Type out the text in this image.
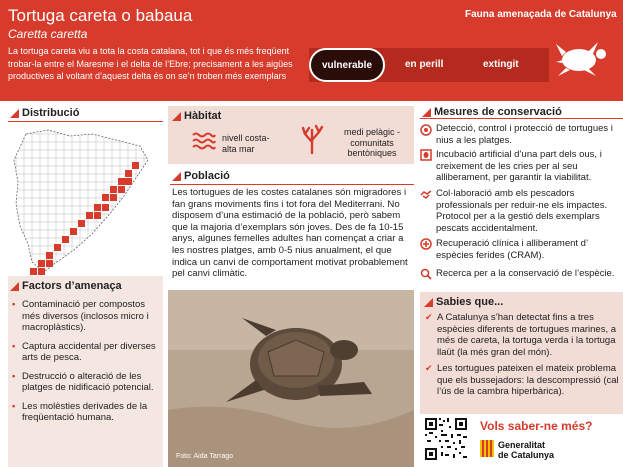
Tortuga careta o babaua
Caretta caretta
La tortuga careta viu a tota la costa catalana, tot i que és més freqüent trobar-la entre el Maresme i el delta de l’Ebre; precisament a les aigües productives al voltant d’aquest delta és on se’n troben més exemplars
Fauna amenaçada de Catalunya
vulnerable	en perill	extingit
Distribució
Factors d’amenaça
• Contaminació per compostos més diversos (inclosos micro i macroplàstics).
• Captura accidental per diverses arts de pesca.
• Destrucció o alteració de les platges de nidificació potencial.
• Les molèsties derivades de la freqüentació humana.
Hàbitat
nivell costa-alta mar
medi pelàgic - comunitats bentòniques
Població
Les tortugues de les costes catalanes són migradores i fan grans moviments fins i tot fora del Mediterrani. No disposem d’una estimació de la població, però sabem que la majoria d’exemplars són joves. Des de fa 10-15 anys, algunes femelles adultes han començat a criar a les nostres platges, amb 0-5 nius anualment, el que indica un canvi de comportament motivat probablement pel canvi climàtic.
Foto: Aida Tarrago
Mesures de conservació
Detecció, control i protecció de tortugues i nius a les platges.
Incubació artificial d’una part dels ous, i creixement de les cries per al seu alliberament, per garantir la viabilitat.
Col·laboració amb els pescadors professionals per reduir-ne els impactes. Protocol per a la gestió dels exemplars pescats accidentalment.
Recuperació clínica i alliberament d’ espècies ferides (CRAM).
Recerca per a la conservació de l’espècie.
Sabies que...
✔ A Catalunya s’han detectat fins a tres espècies diferents de tortugues marines, a més de careta, la tortuga verda i la tortuga llaüt (la més gran del món).
✔ Les tortugues pateixen el mateix problema que els bussejadors: la descompressió (cal l’ús de la cambra hiperbàrica).
Vols saber-ne més?
Generalitat
de Catalunya
